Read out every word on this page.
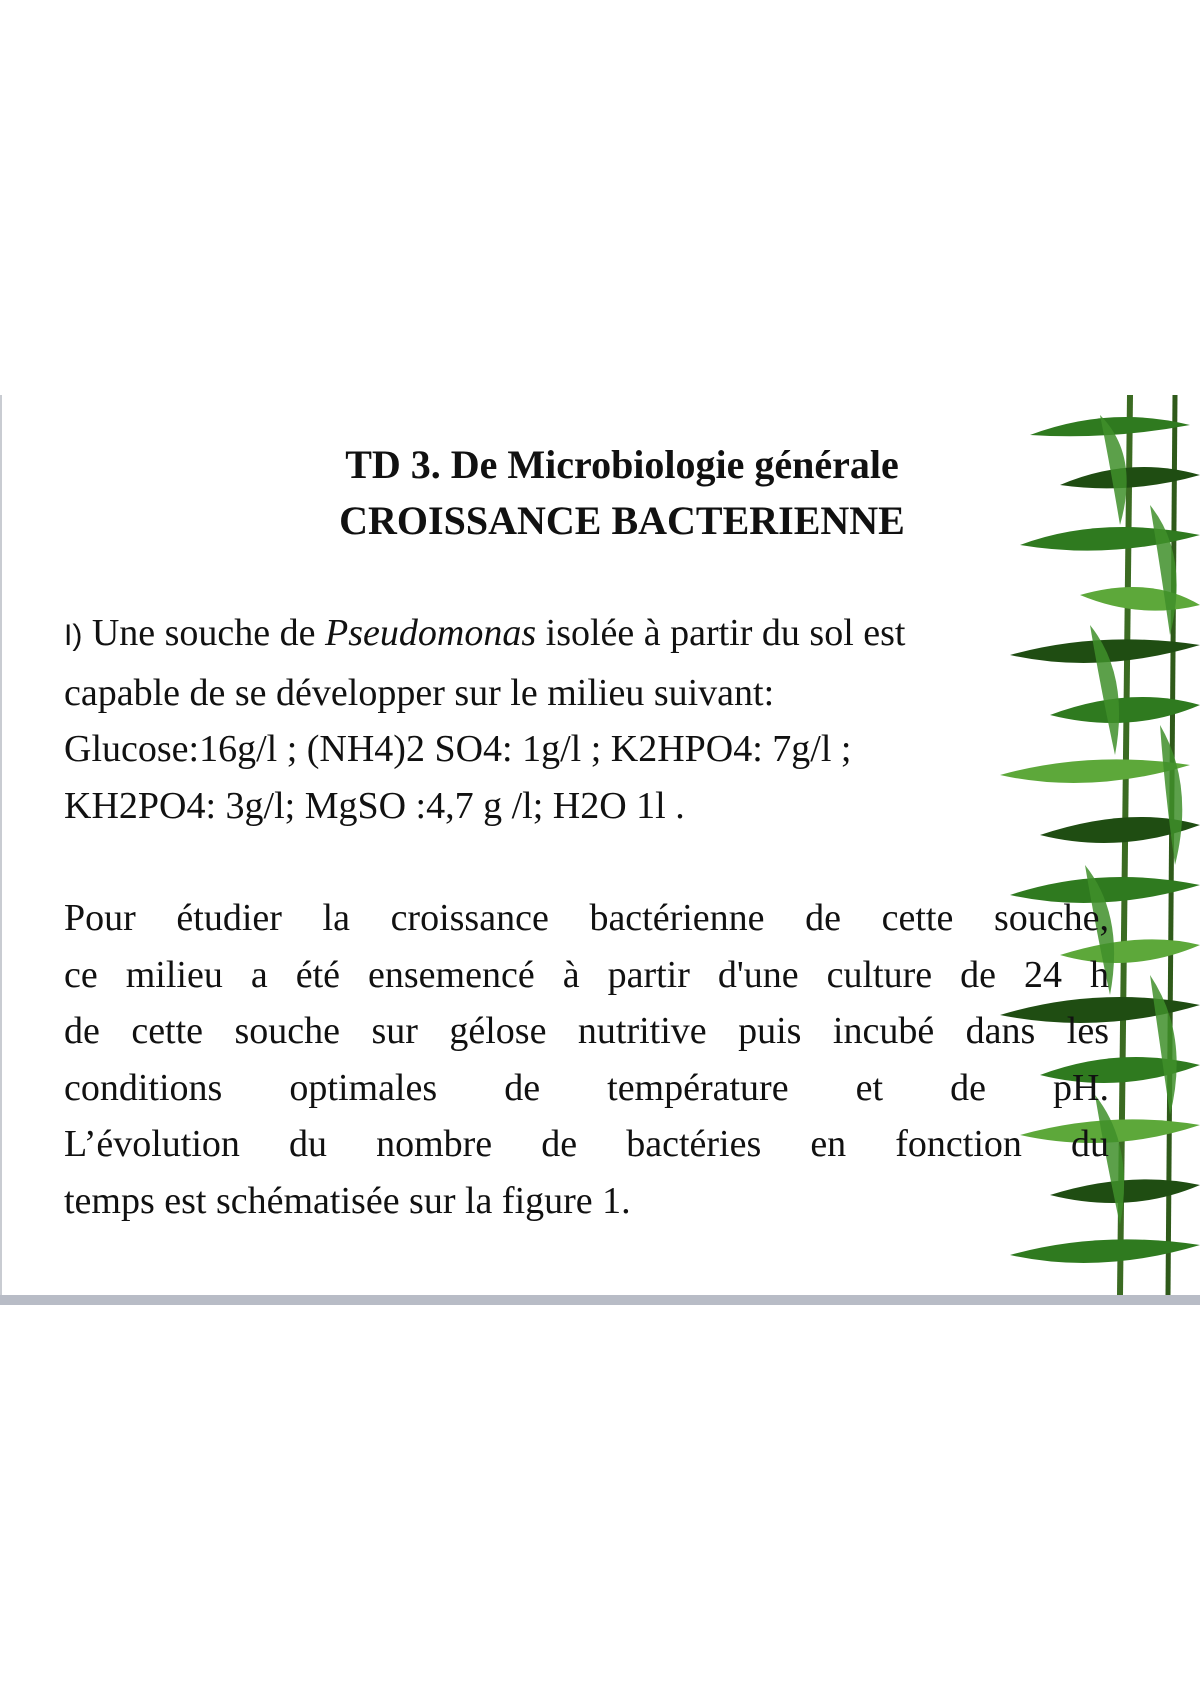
TD 3. De Microbiologie générale
CROISSANCE BACTERIENNE
I) Une souche de Pseudomonas isolée à partir du sol est
capable de se développer sur le milieu suivant:
Glucose:16g/l ; (NH4)2 SO4: 1g/l ; K2HPO4: 7g/l ;
KH2PO4: 3g/l; MgSO :4,7 g /l; H2O 1l .
Pour étudier la croissance bactérienne de cette souche,
ce milieu a été ensemencé à partir d'une culture de 24 h
de cette souche sur gélose nutritive puis incubé dans les
conditions optimales de température et de pH.
L’évolution du nombre de bactéries en fonction du
temps est schématisée sur la figure 1.
